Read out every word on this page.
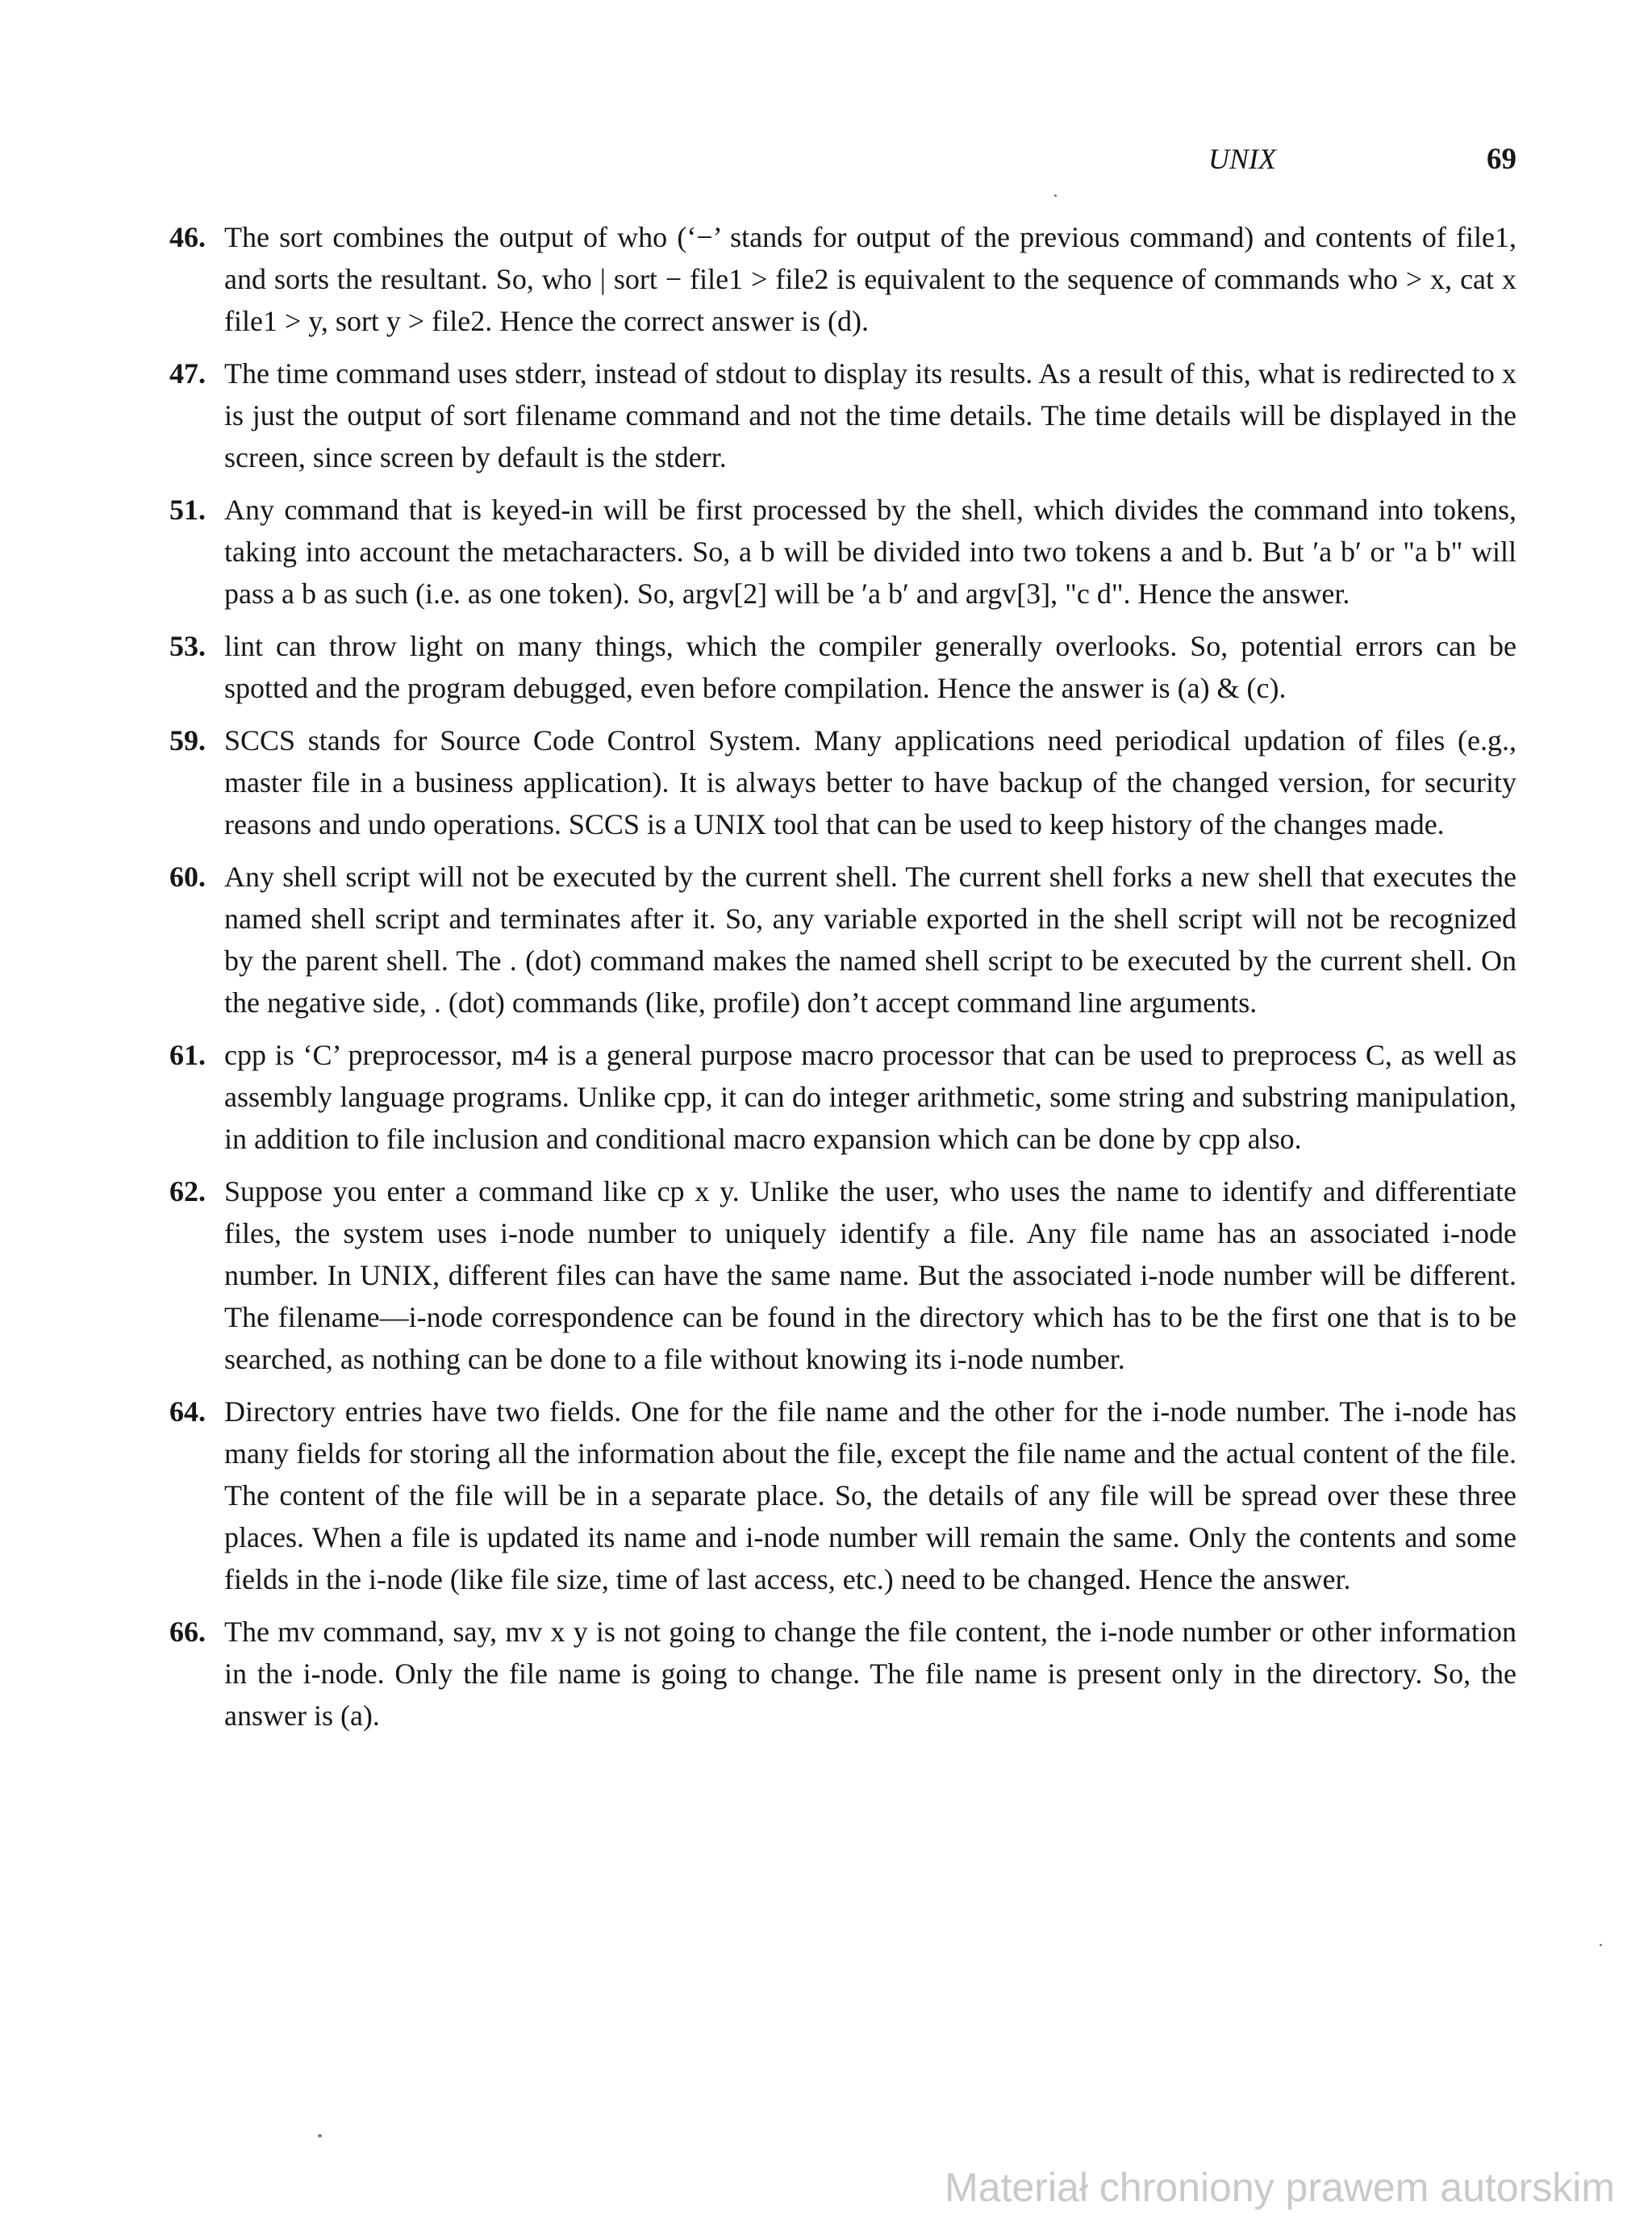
UNIX	69
46. The sort combines the output of who (‘−’ stands for output of the previous command) and contents of file1, and sorts the resultant. So, who | sort − file1 > file2 is equivalent to the sequence of commands who > x, cat x file1 > y, sort y > file2. Hence the correct answer is (d).
47. The time command uses stderr, instead of stdout to display its results. As a result of this, what is redirected to x is just the output of sort filename command and not the time details. The time details will be displayed in the screen, since screen by default is the stderr.
51. Any command that is keyed-in will be first processed by the shell, which divides the command into tokens, taking into account the metacharacters. So, a b will be divided into two tokens a and b. But ′a b′ or "a b" will pass a b as such (i.e. as one token). So, argv[2] will be ′a b′ and argv[3], "c d". Hence the answer.
53. lint can throw light on many things, which the compiler generally overlooks. So, potential errors can be spotted and the program debugged, even before compilation. Hence the answer is (a) & (c).
59. SCCS stands for Source Code Control System. Many applications need periodical updation of files (e.g., master file in a business application). It is always better to have backup of the changed version, for security reasons and undo operations. SCCS is a UNIX tool that can be used to keep history of the changes made.
60. Any shell script will not be executed by the current shell. The current shell forks a new shell that executes the named shell script and terminates after it. So, any variable exported in the shell script will not be recognized by the parent shell. The . (dot) command makes the named shell script to be executed by the current shell. On the negative side, . (dot) commands (like, profile) don’t accept command line arguments.
61. cpp is ‘C’ preprocessor, m4 is a general purpose macro processor that can be used to preprocess C, as well as assembly language programs. Unlike cpp, it can do integer arithmetic, some string and substring manipulation, in addition to file inclusion and conditional macro expansion which can be done by cpp also.
62. Suppose you enter a command like cp x y. Unlike the user, who uses the name to identify and differentiate files, the system uses i-node number to uniquely identify a file. Any file name has an associated i-node number. In UNIX, different files can have the same name. But the associated i-node number will be different. The filename—i-node correspondence can be found in the directory which has to be the first one that is to be searched, as nothing can be done to a file without knowing its i-node number.
64. Directory entries have two fields. One for the file name and the other for the i-node number. The i-node has many fields for storing all the information about the file, except the file name and the actual content of the file. The content of the file will be in a separate place. So, the details of any file will be spread over these three places. When a file is updated its name and i-node number will remain the same. Only the contents and some fields in the i-node (like file size, time of last access, etc.) need to be changed. Hence the answer.
66. The mv command, say, mv x y is not going to change the file content, the i-node number or other information in the i-node. Only the file name is going to change. The file name is present only in the directory. So, the answer is (a).
Materiał chroniony prawem autorskim
